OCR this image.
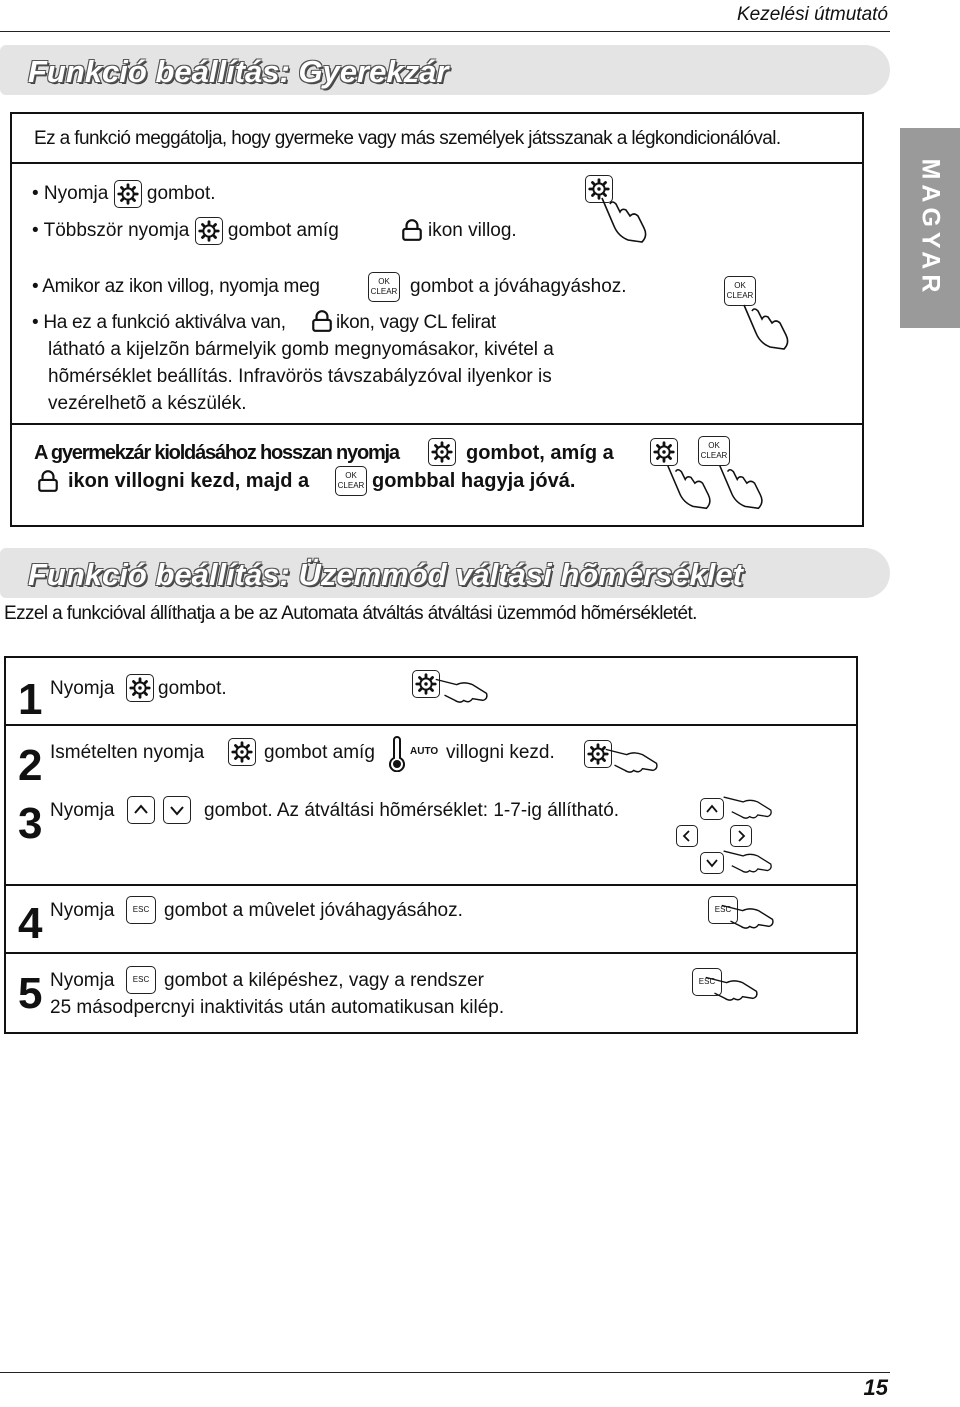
Kezelési útmutató
MAGYAR
Funkció beállítás: Gyerekzár
Ez a funkció meggátolja, hogy gyermeke vagy más személyek játsszanak a légkondicionálóval.
• Nyomja gombot.
• Többször nyomja gombot amíg	ikon villog.
• Amikor az ikon villog, nyomja meg	OK
CLEAR gombot a jóváhagyáshoz.
• Ha ez a funkció aktiválva van,	ikon, vagy CL felirat
látható a kijelzõn bármelyik gomb megnyomásakor, kivétel a
hõmérséklet beállítás. Infravörös távszabályzóval ilyenkor is
vezérelhetõ a készülék.
OK
CLEAR
A gyermekzár kioldásához hosszan nyomja	gombot, amíg a
ikon villogni kezd, majd a	OK
CLEAR gombbal hagyja jóvá.
OK
CLEAR
Funkció beállítás: Üzemmód váltási hõmérséklet
Ezzel a funkcióval állíthatja a be az Automata átváltás átváltási üzemmód hõmérsékletét.
1 Nyomja gombot.
2 Ismételten nyomja	gombot amíg	AUTO villogni kezd.
3 Nyomja	gombot. Az átváltási hõmérséklet: 1-7-ig állítható.
4 Nyomja	ESC gombot a mûvelet jóváhagyásához.	ESC
5 Nyomja	ESC gombot a kilépéshez, vagy a rendszer
25 másodpercnyi inaktivitás után automatikusan kilép.
ESC
15
